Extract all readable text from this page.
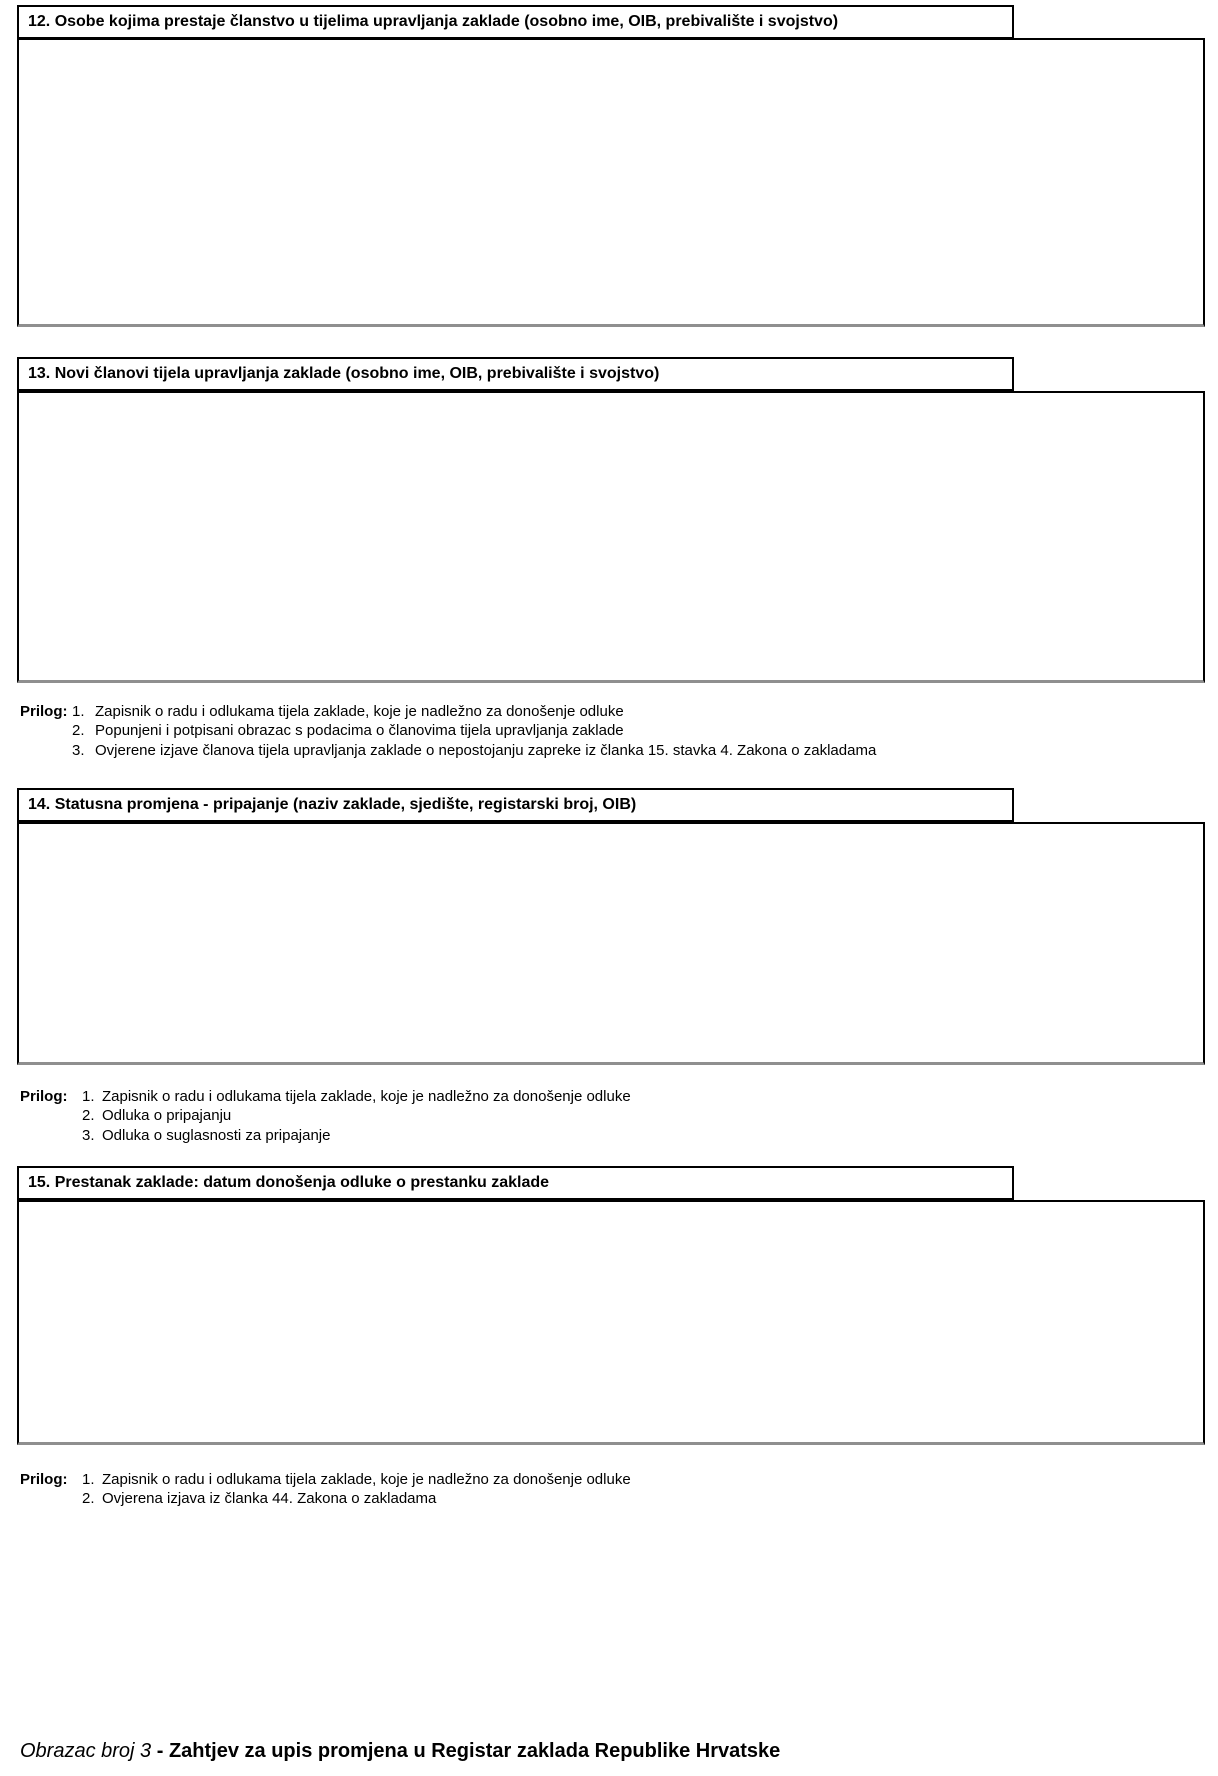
12. Osobe kojima prestaje članstvo u tijelima upravljanja zaklade (osobno ime, OIB, prebivalište i svojstvo)
13. Novi članovi tijela upravljanja zaklade (osobno ime, OIB, prebivalište i svojstvo)
Prilog: 1. Zapisnik o radu i odlukama tijela zaklade, koje je nadležno za donošenje odluke
2. Popunjeni i potpisani obrazac s podacima o članovima tijela upravljanja zaklade
3. Ovjerene izjave članova tijela upravljanja zaklade o nepostojanju zapreke iz članka 15. stavka 4. Zakona o zakladama
14. Statusna promjena - pripajanje (naziv zaklade, sjedište, registarski broj, OIB)
Prilog: 1. Zapisnik o radu i odlukama tijela zaklade, koje je nadležno za donošenje odluke
2. Odluka o pripajanju
3. Odluka o suglasnosti za pripajanje
15. Prestanak zaklade: datum donošenja odluke o prestanku zaklade
Prilog: 1. Zapisnik o radu i odlukama tijela zaklade, koje je nadležno za donošenje odluke
2. Ovjerena izjava iz članka 44. Zakona o zakladama
Obrazac broj 3 - Zahtjev za upis promjena u Registar zaklada Republike Hrvatske
